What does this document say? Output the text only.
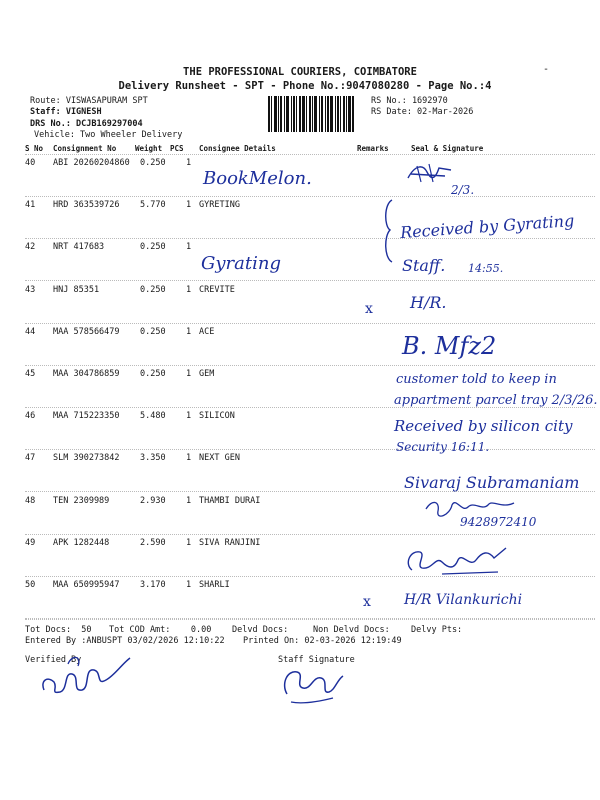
THE PROFESSIONAL COURIERS, COIMBATORE
Delivery Runsheet - SPT - Phone No.:9047080280 - Page No.:4
-
Route: VISWASAPURAM SPT
Staff: VIGNESH
DRS No.: DCJB169297004
Vehicle: Two Wheeler Delivery
RS No.: 1692970
RS Date: 02-Mar-2026
S No Consignment No	Weight PCS Consignee Details	Remarks	Seal & Signature
40 ABI 20260204860 0.250 1
41 HRD 363539726 5.770 1 GYRETING
42 NRT 417683	0.250 1
43 HNJ 85351	0.250 1 CREVITE
44 MAA 578566479 0.250 1 ACE
45 MAA 304786859 0.250 1 GEM
46 MAA 715223350 5.480 1 SILICON
47 SLM 390273842 3.350 1 NEXT GEN
48 TEN 2309989	2.930 1 THAMBI DURAI
49 APK 1282448	2.590 1 SIVA RANJINI
50 MAA 650995947 3.170 1 SHARLI
BookMelon.
Gyrating
2/3.
Received by Gyrating
Staff. 14:55.
x H/R.
B. Mfz2
customer told to keep in
appartment parcel tray 2/3/26.
Received by silicon city
Security 16:11.
Sivaraj Subramaniam
9428972410
x H/R Vilankurichi
Tot Docs:  50 Tot COD Amt:    0.00 Delvd Docs:	Non Delvd Docs: Delvy Pts:
Entered By :ANBUSPT 03/02/2026 12:10:22 Printed On: 02-03-2026 12:19:49
Verified By	Staff Signature
